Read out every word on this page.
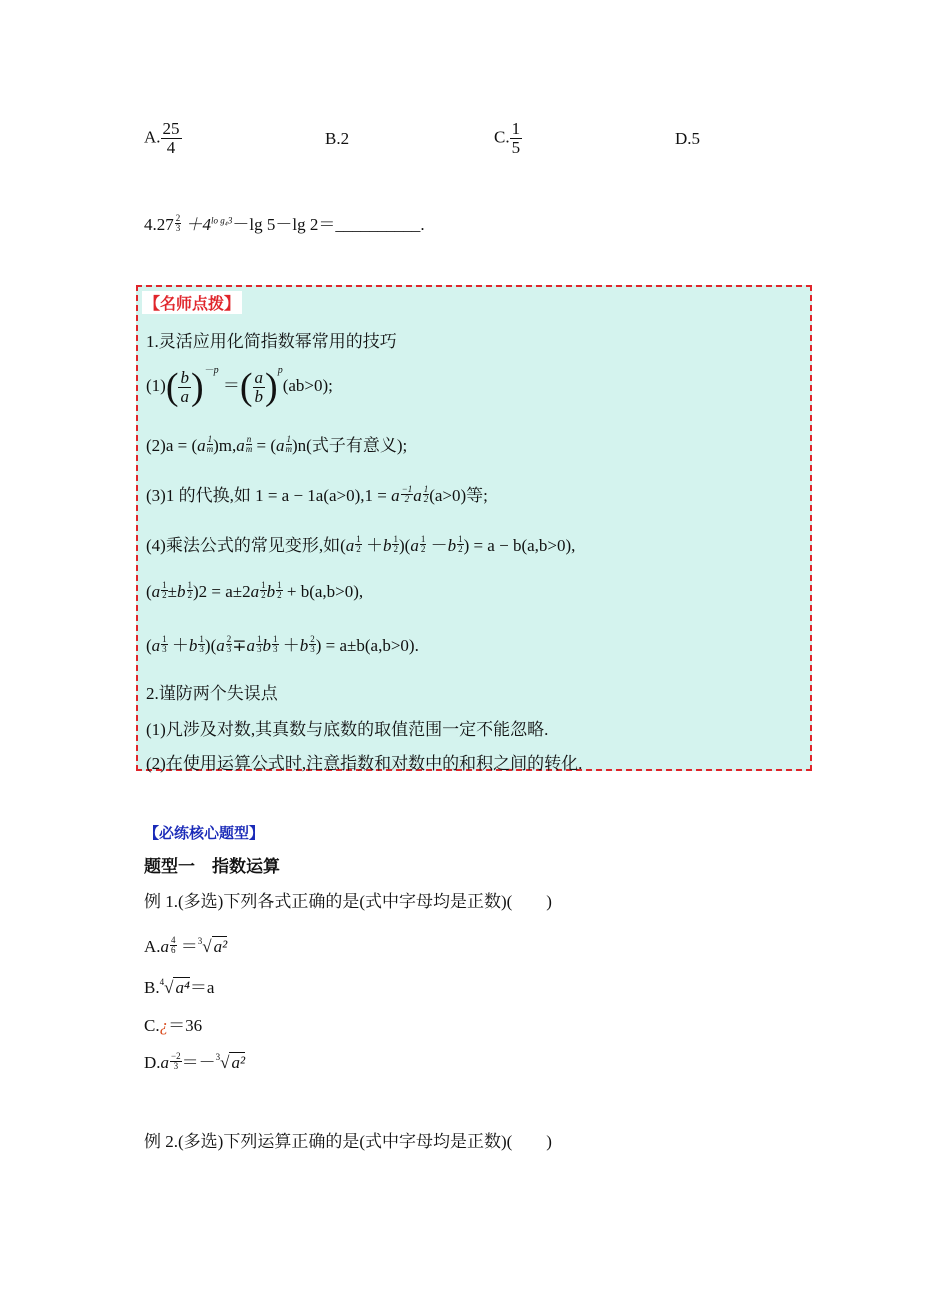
A. $\frac{25}{4}$	B.2	C. $\frac{1}{5}$	D.5
$4.27 \frac{2}{3} +4^{lo g_43}-\lg$ 5－lg 2＝__________.
【名师点拨】
1.灵活应用化简指数幂常用的技巧
$(1)( \frac{b}{a} )^{-p}$ ＝( $\frac{a}{b} )^p(ab>0)$;
$(2)a = (a \frac{1}{m} )m,a \frac{n}{m} = (a \frac{1}{m} )n$(式子有意义);
(3)1 的代换,如 1 = a − 1a(a>0),1 = a $\frac{-1}{2}$ a $\frac{1}{2} (a>0)$等;
(4)乘法公式的常见变形,如$(a \frac{1}{2} +b \frac{1}{2} )(a \frac{1}{2} -b \frac{1}{2}$ ) = a − b(a,b>0),
$(a \frac{1}{2} \pm b \frac{1}{2} )2 = a\pm 2a \frac{1}{2}$ b $\frac{1}{2} + b(a,b>0)$,
$(a \frac{1}{3} +b \frac{1}{3} )(a \frac{2}{3} \mp a \frac{1}{3}$ b $\frac{1}{3} +b \frac{2}{3}$ ) = a±b(a,b>0).
2.谨防两个失误点
(1)凡涉及对数,其真数与底数的取值范围一定不能忽略.
(2)在使用运算公式时,注意指数和对数中的和积之间的转化.
【必练核心题型】
题型一　指数运算
例 1.(多选)下列各式正确的是(式中字母均是正数)(　　)
$A.a \frac{4}{6} =^3√$ a²
B.$^4$√ a⁴＝a
C.¿＝36
$D.a \frac{-2}{3} =-^3√$ a²
例 2.(多选)下列运算正确的是(式中字母均是正数)(　　)
